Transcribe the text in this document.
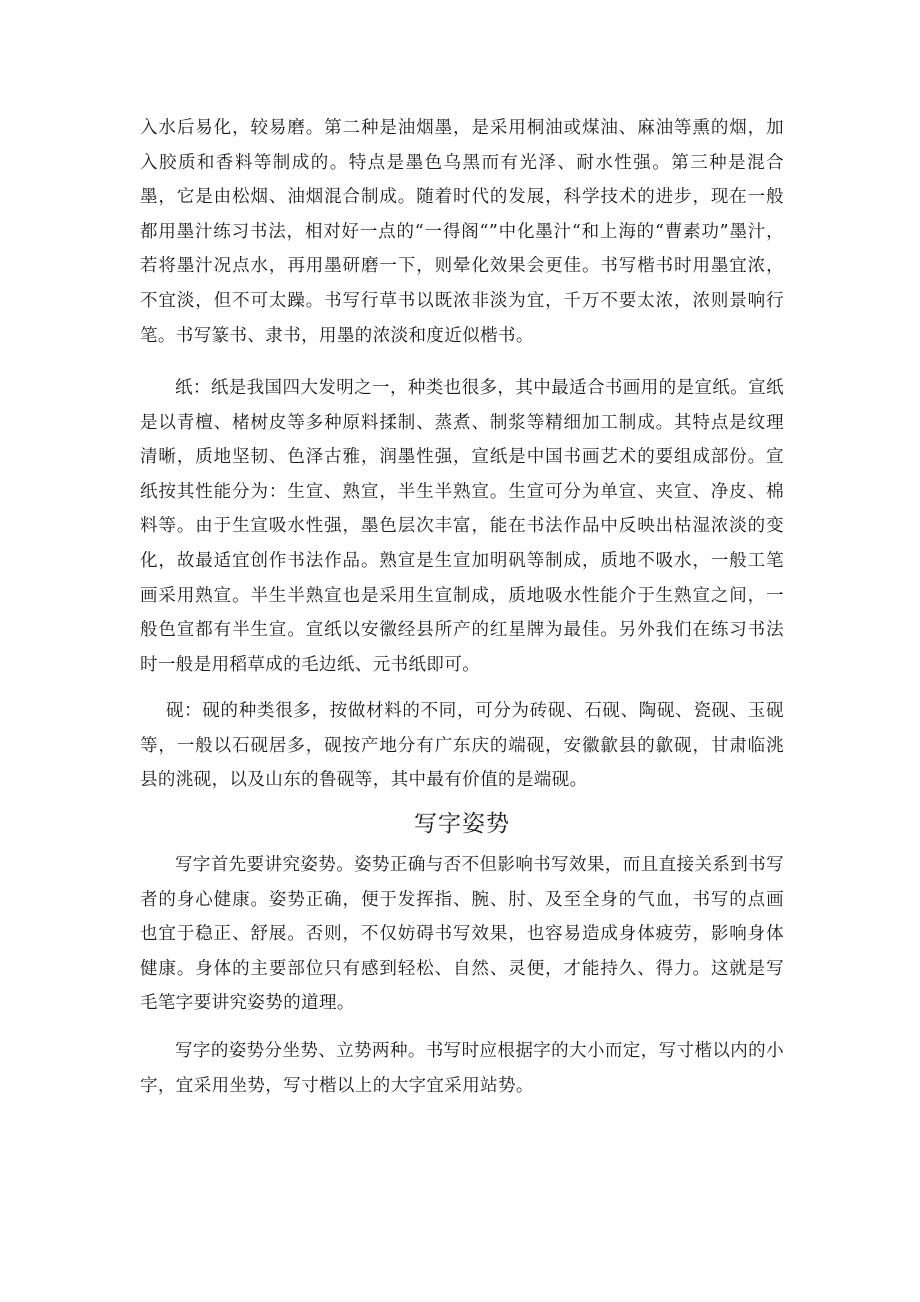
入水后易化，较易磨。第二种是油烟墨，是采用桐油或煤油、麻油等熏的烟，加入胶质和香料等制成的。特点是墨色乌黑而有光泽、耐水性强。第三种是混合墨，它是由松烟、油烟混合制成。随着时代的发展，科学技术的进步，现在一般都用墨汁练习书法，相对好一点的“一得阁“”中化墨汁“和上海的“曹素功”墨汁，若将墨汁况点水，再用墨研磨一下，则晕化效果会更佳。书写楷书时用墨宜浓，不宜淡，但不可太躁。书写行草书以既浓非淡为宜，千万不要太浓，浓则景响行笔。书写篆书、隶书，用墨的浓淡和度近似楷书。

纸：纸是我国四大发明之一，种类也很多，其中最适合书画用的是宣纸。宣纸是以青檀、楮树皮等多种原料揉制、蒸煮、制浆等精细加工制成。其特点是纹理清晰，质地坚韧、色泽古雅，润墨性强，宣纸是中国书画艺术的要组成部份。宣纸按其性能分为：生宣、熟宣，半生半熟宣。生宣可分为单宣、夹宣、净皮、棉料等。由于生宣吸水性强，墨色层次丰富，能在书法作品中反映出枯湿浓淡的变化，故最适宜创作书法作品。熟宣是生宣加明矾等制成，质地不吸水，一般工笔画采用熟宣。半生半熟宣也是采用生宣制成，质地吸水性能介于生熟宣之间，一般色宣都有半生宣。宣纸以安徽经县所产的红星牌为最佳。另外我们在练习书法时一般是用稻草成的毛边纸、元书纸即可。

砚：砚的种类很多，按做材料的不同，可分为砖砚、石砚、陶砚、瓷砚、玉砚等，一般以石砚居多，砚按产地分有广东庆的端砚，安徽歙县的歙砚，甘肃临洮县的洮砚，以及山东的鲁砚等，其中最有价值的是端砚。

写字姿势

写字首先要讲究姿势。姿势正确与否不但影响书写效果，而且直接关系到书写者的身心健康。姿势正确，便于发挥指、腕、肘、及至全身的气血，书写的点画也宜于稳正、舒展。否则，不仅妨碍书写效果，也容易造成身体疲劳，影响身体健康。身体的主要部位只有感到轻松、自然、灵便，才能持久、得力。这就是写毛笔字要讲究姿势的道理。

写字的姿势分坐势、立势两种。书写时应根据字的大小而定，写寸楷以内的小字，宜采用坐势，写寸楷以上的大字宜采用站势。
